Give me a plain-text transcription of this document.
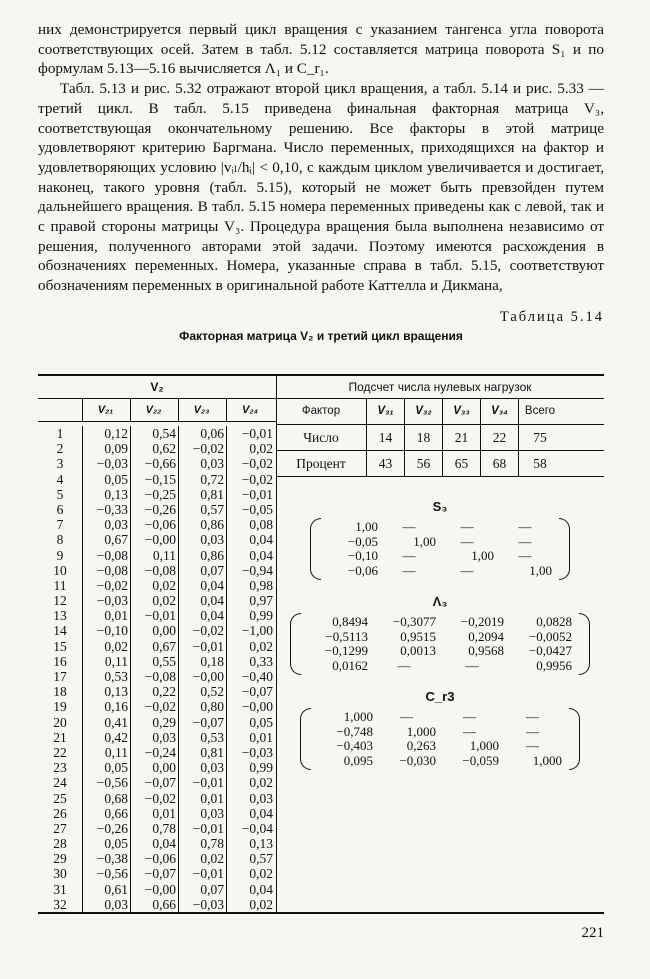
них демонстрируется первый цикл вращения с указанием тангенса угла поворота соответствующих осей. Затем в табл. 5.12 составляется матрица поворота S₁ и по формулам 5.13—5.16 вычисляется Λ₁ и C_r₁.

Табл. 5.13 и рис. 5.32 отражают второй цикл вращения, а табл. 5.14 и рис. 5.33 — третий цикл. В табл. 5.15 приведена финальная факторная матрица V₃, соответствующая окончательному решению. Все факторы в этой матрице удовлетворяют критерию Баргмана. Число переменных, приходящихся на фактор и удовлетворяющих условию |vᵢₗ/hᵢ| < 0,10, с каждым циклом увеличивается и достигает, наконец, такого уровня (табл. 5.15), который не может быть превзойден путем дальнейшего вращения. В табл. 5.15 номера переменных приведены как с левой, так и с правой стороны матрицы V₃. Процедура вращения была выполнена независимо от решения, полученного авторами этой задачи. Поэтому имеются расхождения в обозначениях переменных. Номера, указанные справа в табл. 5.15, соответствуют обозначениям переменных в оригинальной работе Каттелла и Дикмана,

Таблица 5.14
Факторная матрица V₂ и третий цикл вращения
V₂
V₂₁	V₂₂	V₂₃	V₂₄
1	0,12	0,54	0,06	−0,01
2	0,09	0,62	−0,02	0,02
3	−0,03	−0,66	0,03	−0,02
4	0,05	−0,15	0,72	−0,02
5	0,13	−0,25	0,81	−0,01
6	−0,33	−0,26	0,57	−0,05
7	0,03	−0,06	0,86	0,08
8	0,67	−0,00	0,03	0,04
9	−0,08	0,11	0,86	0,04
10	−0,08	−0,08	0,07	−0,94
11	−0,02	0,02	0,04	0,98
12	−0,03	0,02	0,04	0,97
13	0,01	−0,01	0,04	0,99
14	−0,10	0,00	−0,02	−1,00
15	0,02	0,67	−0,01	0,02
16	0,11	0,55	0,18	0,33
17	0,53	−0,08	−0,00	−0,40
18	0,13	0,22	0,52	−0,07
19	0,16	−0,02	0,80	−0,00
20	0,41	0,29	−0,07	0,05
21	0,42	0,03	0,53	0,01
22	0,11	−0,24	0,81	−0,03
23	0,05	0,00	0,03	0,99
24	−0,56	−0,07	−0,01	0,02
25	0,68	−0,02	0,01	0,03
26	0,66	0,01	0,03	0,04
27	−0,26	0,78	−0,01	−0,04
28	0,05	0,04	0,78	0,13
29	−0,38	−0,06	0,02	0,57
30	−0,56	−0,07	−0,01	0,02
31	0,61	−0,00	0,07	0,04
32	0,03	0,66	−0,03	0,02
Подсчет числа нулевых нагрузок
Фактор	V₃₁	V₃₂	V₃₃	V₃₄	Всего
Число	14	18	21	22	75
Процент	43	56	65	68	58
S₃
1,00	—	—	—
−0,05	1,00	—	—
−0,10	—	1,00	—
−0,06	—	—	1,00
Λ₃
0,8494	−0,3077	−0,2019	0,0828
−0,5113	0,9515	0,2094	−0,0052
−0,1299	0,0013	0,9568	−0,0427
0,0162	—	—	0,9956
C_r3
1,000	—	—	—
−0,748	1,000	—	—
−0,403	0,263	1,000	—
0,095	−0,030	−0,059	1,000
221
